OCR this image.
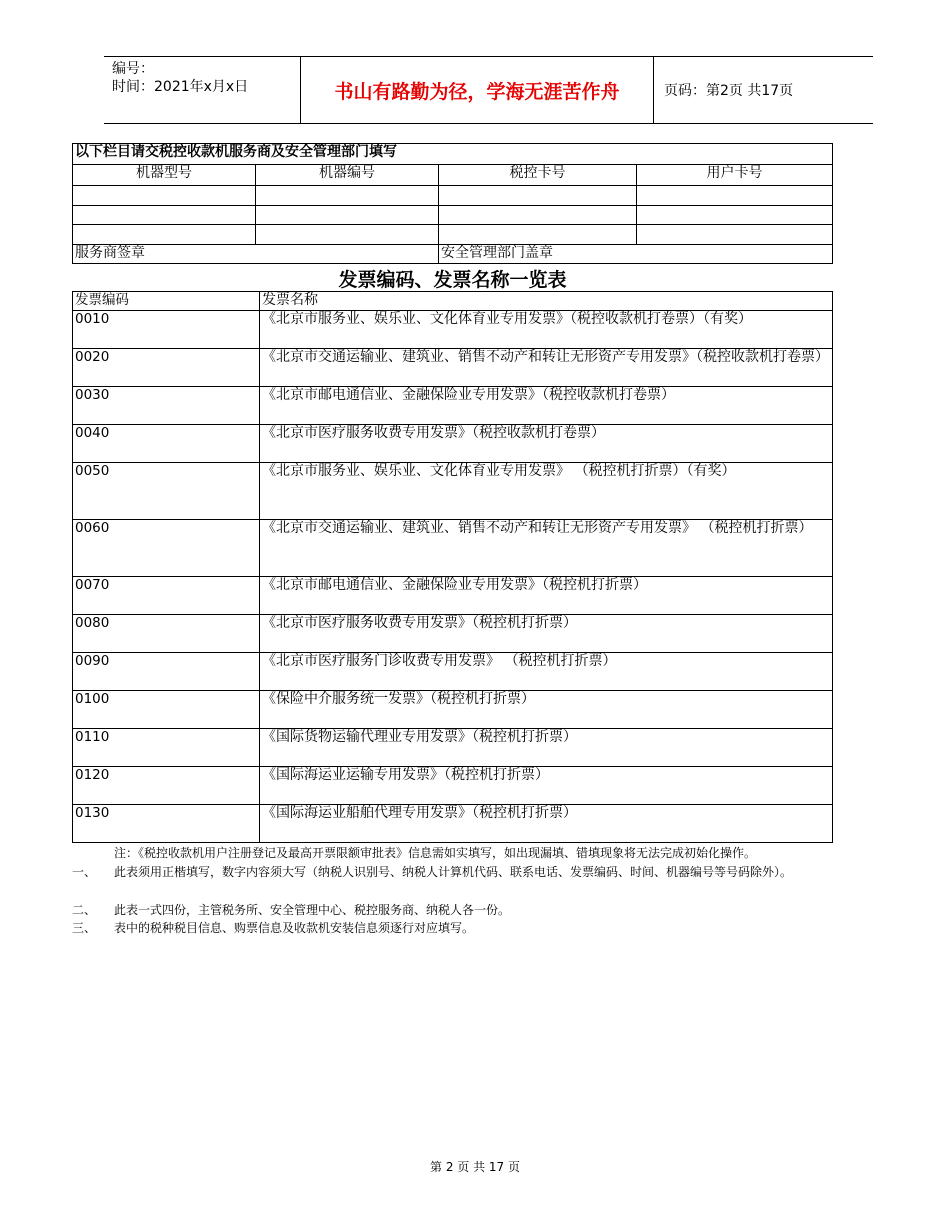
编号：
时间：2021年x月x日	书山有路勤为径，学海无涯苦作舟	页码：第2页 共17页
以下栏目请交税控收款机服务商及安全管理部门填写			
机器型号	机器编号	税控卡号	用户卡号

服务商签章		安全管理部门盖章	
发票编码、发票名称一览表
发票编码	发票名称
0010	《北京市服务业、娱乐业、文化体育业专用发票》（税控收款机打卷票）（有奖）
0020	《北京市交通运输业、建筑业、销售不动产和转让无形资产专用发票》（税控收款机打卷票）
0030	《北京市邮电通信业、金融保险业专用发票》（税控收款机打卷票）
0040	《北京市医疗服务收费专用发票》（税控收款机打卷票）
0050	《北京市服务业、娱乐业、文化体育业专用发票》 （税控机打折票）（有奖）
0060	《北京市交通运输业、建筑业、销售不动产和转让无形资产专用发票》 （税控机打折票）
0070	《北京市邮电通信业、金融保险业专用发票》（税控机打折票）
0080	《北京市医疗服务收费专用发票》（税控机打折票）
0090	《北京市医疗服务门诊收费专用发票》 （税控机打折票）
0100	《保险中介服务统一发票》（税控机打折票）
0110	《国际货物运输代理业专用发票》（税控机打折票）
0120	《国际海运业运输专用发票》（税控机打折票）
0130	《国际海运业船舶代理专用发票》（税控机打折票）
注：《税控收款机用户注册登记及最高开票限额审批表》信息需如实填写，如出现漏填、错填现象将无法完成初始化操作。
一、	此表须用正楷填写，数字内容须大写（纳税人识别号、纳税人计算机代码、联系电话、发票编码、时间、机器编号等号码除外）。
二、 此表一式四份，主管税务所、安全管理中心、税控服务商、纳税人各一份。
三、 表中的税种税目信息、购票信息及收款机安装信息须逐行对应填写。
第 2 页 共 17 页
